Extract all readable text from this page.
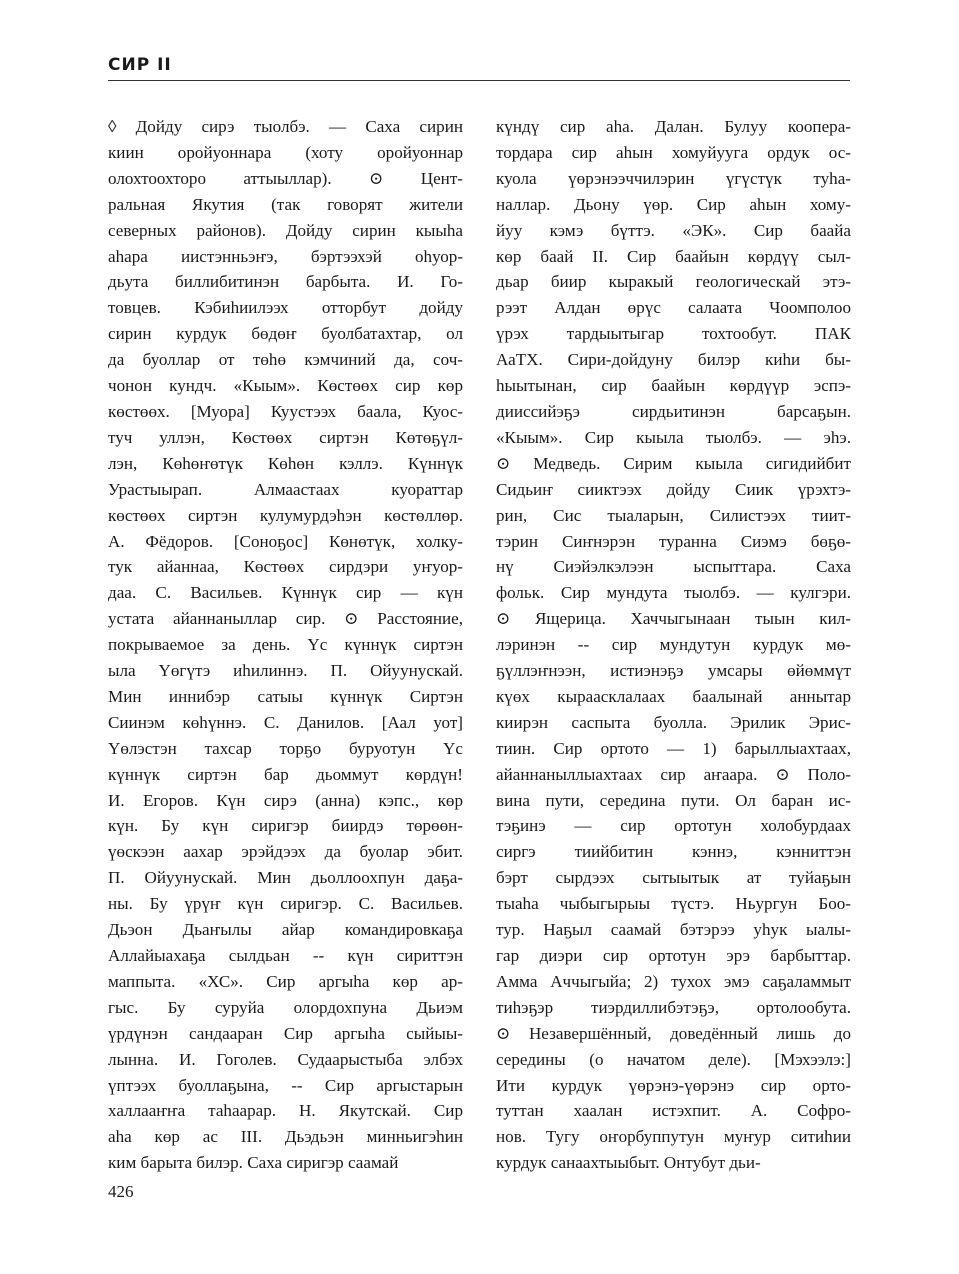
СИР II
◊ Дойду сирэ тыолбэ. — Саха сирин
киин оройуоннара (хоту оройуоннар
олохтоохторо аттыыллар). ⊙ Цент-
ральная Якутия (так говорят жители
северных районов). Дойду сирин кыыhа
аhара иистэнньэҥэ, бэртээхэй оhуор-
дьута биллибитинэн барбыта. И. Го-
товцев. Кэбиhиилээх отторбут дойду
сирин курдук бөдөҥ буолбатахтар, ол
да буоллар от төhө кэмчиний да, соч-
чонон кундч. «Кыым». Көстөөх сир көр
көстөөх. [Муора] Кууcтээх баала, Куос-
туч уллэн, Көстөөх сиртэн Көтөҕүл-
лэн, Көhөҥөтүк Көhөн кэллэ. Күннүк
Урастыырап. Алмаастаах куораттар
көстөөх сиртэн кулумурдэhэн көстөллөр.
А. Фёдоров. [Соноҕос] Көнөтүк, холку-
тук айаннаа, Көстөөх сирдэри уҥуор-
даа. С. Васильев. Күннүк сир — күн
устата айаннаныллар сир. ⊙ Расстояние,
покрываемое за день. Үс күннүк сиртэн
ыла Үөгүтэ иhилиннэ. П. Ойуунускай.
Мин иннибэр сатыы күннүк Сиртэн
Сиинэм көhүннэ. С. Данилов. [Аал уот]
Үөлэстэн тахсар торҕо буруотун Үс
күннүк сиртэн бар дьоммут көрдүн!
И. Егоров. Күн сирэ (анна) кэпс., көр
күн. Бу күн сиригэр биирдэ төрөөн-
үөскээн аахар эрэйдээх да буолар эбит.
П. Ойуунускай. Мин дьоллоохпун даҕа-
ны. Бу үрүҥ күн сиригэр. С. Васильев.
Дьэон Дьаҥылы айар командировкаҕа
Аллайыахаҕа сылдьан -- күн сириттэн
маппыта. «ХС». Сир аргыhа көр ар-
гыс. Бу суруйа олордохпуна Дьиэм
үрдүнэн сандааран Сир аргыhа сыйыы-
лынна. И. Гоголев. Судаарыстыба элбэх
үптээх буоллаҕына, -- Сир аргыстарын
халлааҥҥа таhаарар. Н. Якутскай. Сир
аhа көр ас III. Дьэдьэн минньигэhин
ким барыта билэр. Саха сиригэр саамай
күндү сир аhа. Далан. Булуу коопера-
тордара сир аhын хомуйууга ордук ос-
куола үөрэнээччилэрин үгүстүк туhа-
наллар. Дьону үөр. Сир аhын хому-
йуу кэмэ бүттэ. «ЭК». Сир баайа
көр баай II. Сир баайын көрдүү сыл-
дьар биир кыракый геологическай этэ-
рээт Алдан өрүс салаата Чоомполоо
үрэх тардыытыгар тохтообут. ПАК
АаТХ. Сири-дойдуну билэр киhи бы-
hыытынан, сир баайын көрдүүр эспэ-
дииссийэҕэ сирдьитинэн барсаҕын.
«Кыым». Сир кыыла тыолбэ. — эhэ.
⊙ Медведь. Сирим кыыла сигидийбит
Сидьиҥ сииктээх дойду Сиик үрэхтэ-
рин, Сис тыаларын, Силистээх тиит-
тэрин Сиҥнэрэн туранна Сиэмэ бөҕө-
нү Сиэйэлкэлээн ыспыттара. Саха
фольк. Сир мундута тыолбэ. — кулгэри.
⊙ Ящерица. Хаччыгынаан тыын кил-
лэринэн -- сир мундутун курдук мө-
ҕүллэҥнээн, истиэнэҕэ умсары өйөммүт
күөх кыраасклалаах баалынай аннытар
киирэн саспыта буолла. Эрилик Эрис-
тиин. Сир ортото — 1) барыллыахтаах,
айаннаныллыахтаах сир аҥаара. ⊙ Поло-
вина пути, середина пути. Ол баран ис-
тэҕинэ — сир ортотун холобурдаах
сиргэ тиийбитин кэннэ, кэнниттэн
бэрт сырдээх сытыытык ат туйаҕын
тыаhа чыбыгырыы түстэ. Ньургун Боо-
тур. Наҕыл саамай бэтэрээ уhук ыалы-
гар диэри сир ортотун эрэ барбыттар.
Амма Аччыгыйа; 2) тухох эмэ саҕаламмыт
тиhэҕэр тиэрдиллибэтэҕэ, ортолообута.
⊙ Незавершённый, доведённый лишь до
середины (о начатом деле). [Мэхээлэ:]
Ити курдук үөрэнэ-үөрэнэ сир орто-
туттан хаалан истэхпит. А. Софро-
нов. Тугу оҥорбуппутун муҥур ситиhии
курдук санаахтыыбыт. Онтубут дьи-
426
